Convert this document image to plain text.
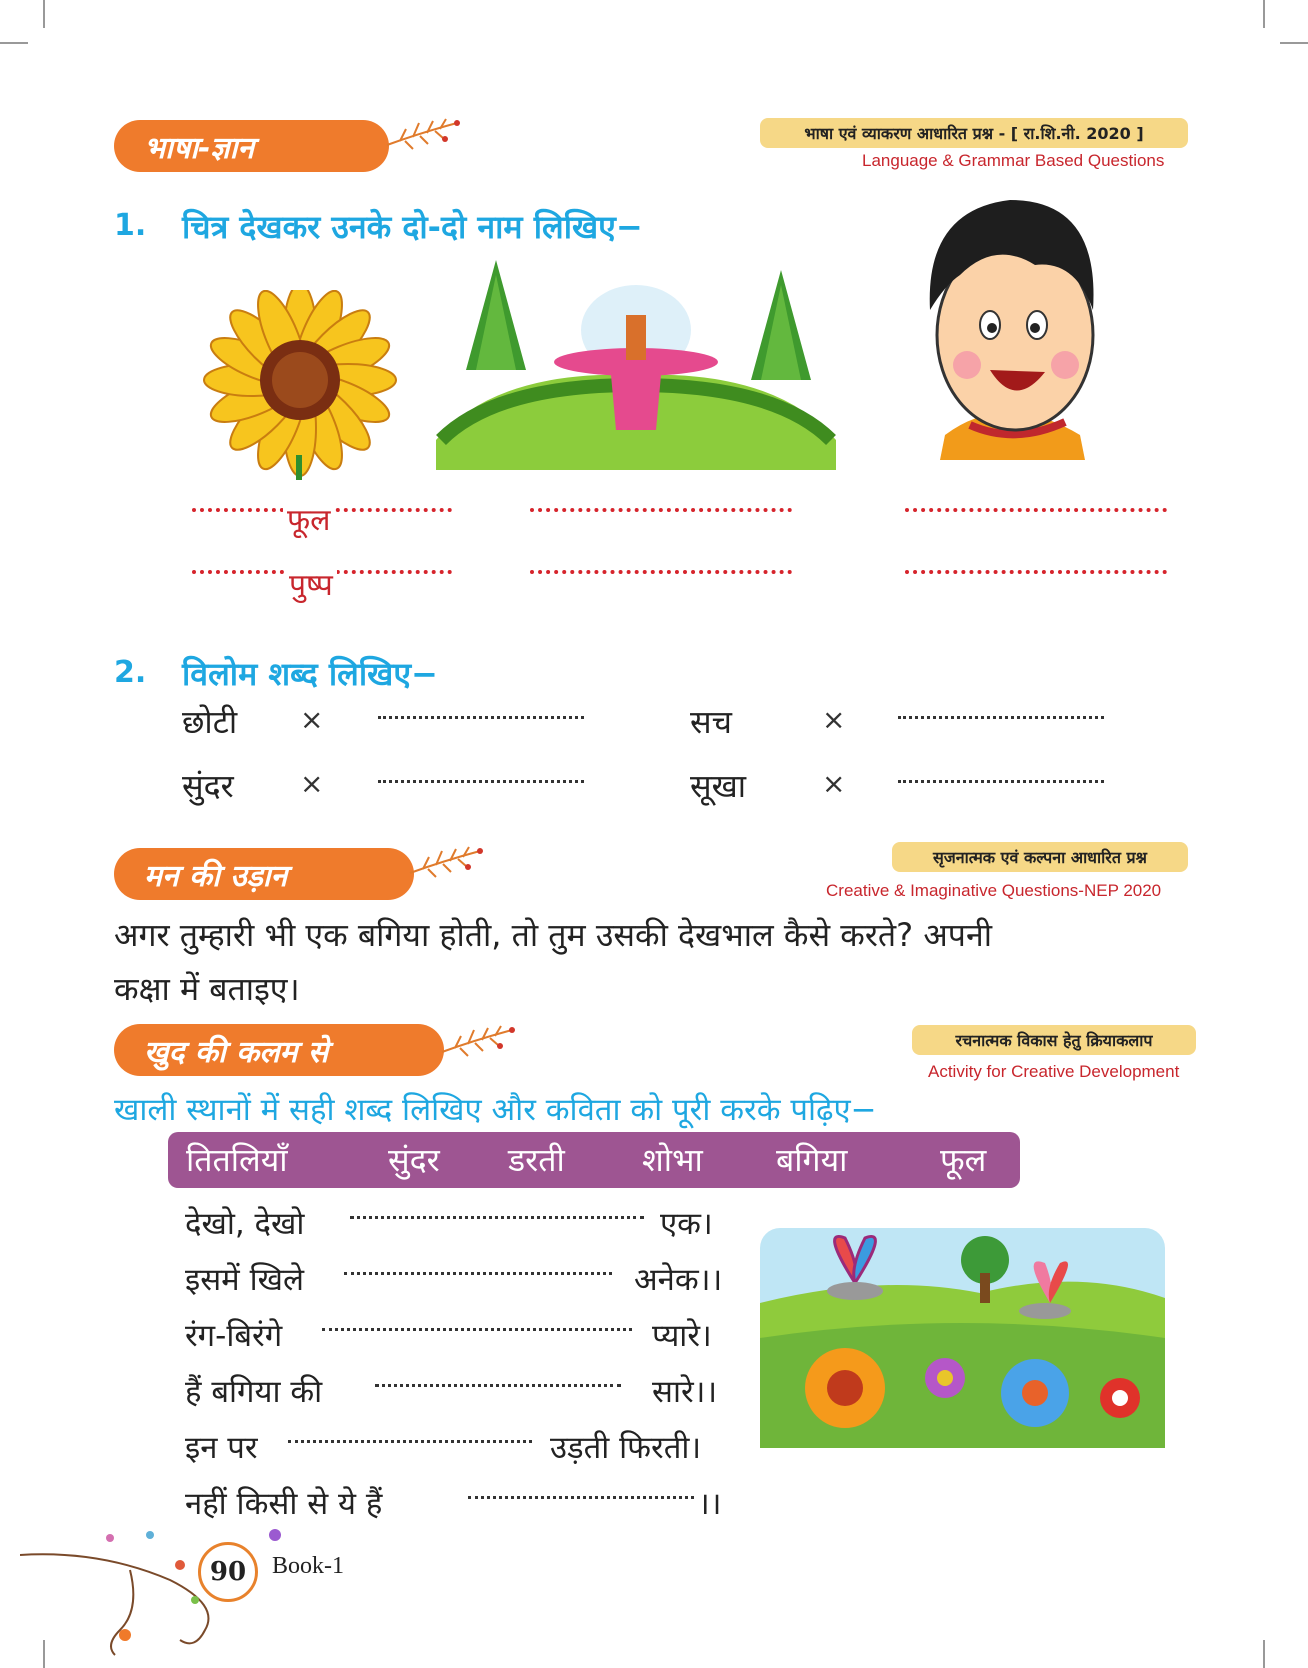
भाषा-ज्ञान	भाषा एवं व्याकरण आधारित प्रश्न - [ रा.शि.नी. 2020 ]
Language & Grammar Based Questions
1. चित्र देखकर उनके दो-दो नाम लिखिए−
फूल
पुष्प
2. विलोम शब्द लिखिए−
छोटी ×	सच	×
सुंदर ×	सूखा	×
मन की उड़ान
सृजनात्मक एवं कल्पना आधारित प्रश्न
Creative & Imaginative Questions-NEP 2020
अगर तुम्हारी भी एक बगिया होती, तो तुम उसकी देखभाल कैसे करते? अपनी
कक्षा में बताइए।
खुद की कलम से	रचनात्मक विकास हेतु क्रियाकलाप
Activity for Creative Development
खाली स्थानों में सही शब्द लिखिए और कविता को पूरी करके पढ़िए−
तितलियाँ	सुंदर डरती शोभा बगिया	फूल
देखो, देखो	एक।
इसमें खिले	अनेक।।
रंग-बिरंगे	प्यारे।
हैं बगिया की	सारे।।
इन पर	उड़ती फिरती।
नहीं किसी से ये हैं	।।
90 Book-1
